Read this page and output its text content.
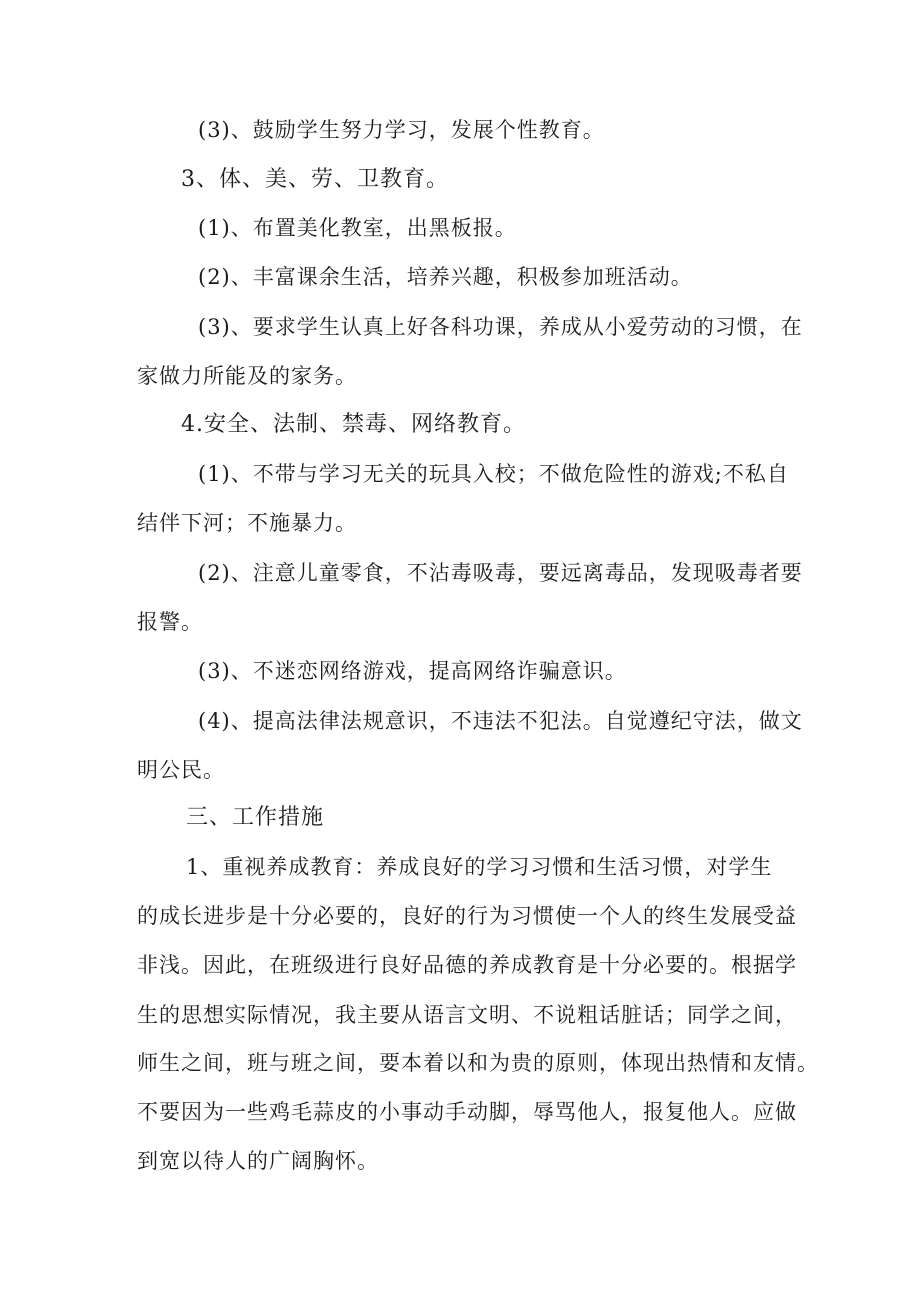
(3)、鼓励学生努力学习，发展个性教育。
3、体、美、劳、卫教育。
(1)、布置美化教室，出黑板报。
(2)、丰富课余生活，培养兴趣，积极参加班活动。
(3)、要求学生认真上好各科功课，养成从小爱劳动的习惯，在
家做力所能及的家务。
4.安全、法制、禁毒、网络教育。
(1)、不带与学习无关的玩具入校；不做危险性的游戏;不私自
结伴下河；不施暴力。
(2)、注意儿童零食，不沾毒吸毒，要远离毒品，发现吸毒者要
报警。
(3)、不迷恋网络游戏，提高网络诈骗意识。
(4)、提高法律法规意识，不违法不犯法。自觉遵纪守法，做文
明公民。
三、工作措施
1、重视养成教育：养成良好的学习习惯和生活习惯，对学生
的成长进步是十分必要的，良好的行为习惯使一个人的终生发展受益
非浅。因此，在班级进行良好品德的养成教育是十分必要的。根据学
生的思想实际情况，我主要从语言文明、不说粗话脏话；同学之间，
师生之间，班与班之间，要本着以和为贵的原则，体现出热情和友情。
不要因为一些鸡毛蒜皮的小事动手动脚，辱骂他人，报复他人。应做
到宽以待人的广阔胸怀。
